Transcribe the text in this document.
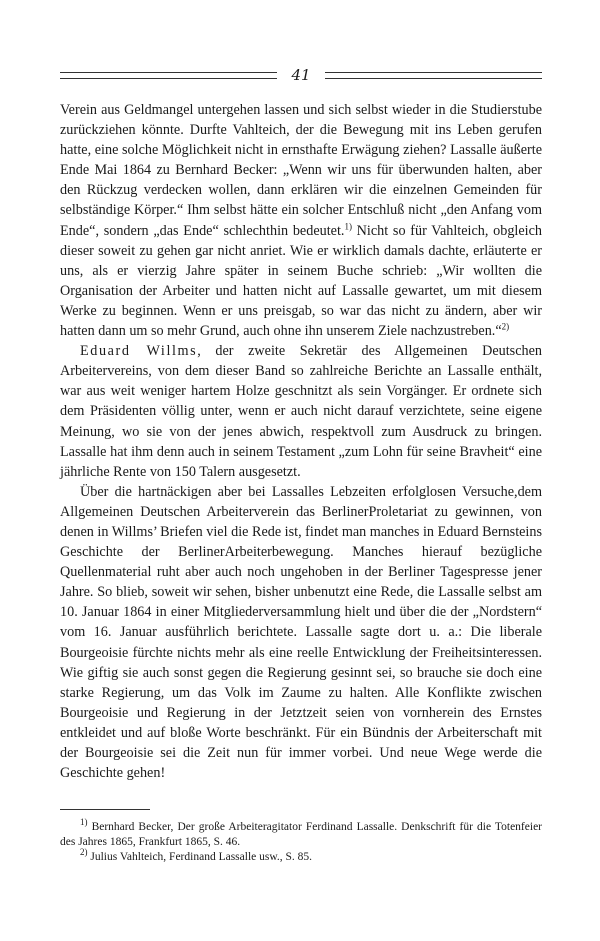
41

Verein aus Geldmangel untergehen lassen und sich selbst wieder in die Studierstube zurückziehen könnte. Durfte Vahlteich, der die Bewegung mit ins Leben gerufen hatte, eine solche Möglichkeit nicht in ernsthafte Erwägung ziehen? Lassalle äußerte Ende Mai 1864 zu Bernhard Becker: „Wenn wir uns für überwunden halten, aber den Rückzug verdecken wollen, dann erklären wir die einzelnen Gemeinden für selbständige Körper.“ Ihm selbst hätte ein solcher Entschluß nicht „den Anfang vom Ende“, sondern „das Ende“ schlechthin bedeutet.$^{1)}$ Nicht so für Vahlteich, obgleich dieser soweit zu gehen gar nicht anriet. Wie er wirklich damals dachte, erläuterte er uns, als er vierzig Jahre später in seinem Buche schrieb: „Wir wollten die Organisation der Arbeiter und hatten nicht auf Lassalle gewartet, um mit diesem Werke zu beginnen. Wenn er uns preisgab, so war das nicht zu ändern, aber wir hatten dann um so mehr Grund, auch ohne ihn unserem Ziele nachzustreben.“$^{2)}$

Eduard Willms, der zweite Sekretär des Allgemeinen Deutschen Arbeitervereins, von dem dieser Band so zahlreiche Berichte an Lassalle enthält, war aus weit weniger hartem Holze geschnitzt als sein Vorgänger. Er ordnete sich dem Präsidenten völlig unter, wenn er auch nicht darauf verzichtete, seine eigene Meinung, wo sie von der jenes abwich, respektvoll zum Ausdruck zu bringen. Lassalle hat ihm denn auch in seinem Testament „zum Lohn für seine Bravheit“ eine jährliche Rente von 150 Talern ausgesetzt.

Über die hartnäckigen aber bei Lassalles Lebzeiten erfolglosen Versuche,dem Allgemeinen Deutschen Arbeiterverein das BerlinerProletariat zu gewinnen, von denen in Willms’ Briefen viel die Rede ist, findet man manches in Eduard Bernsteins Geschichte der BerlinerArbeiterbewegung. Manches hierauf bezügliche Quellenmaterial ruht aber auch noch ungehoben in der Berliner Tagespresse jener Jahre. So blieb, soweit wir sehen, bisher unbenutzt eine Rede, die Lassalle selbst am 10. Januar 1864 in einer Mitgliederversammlung hielt und über die der „Nordstern“ vom 16. Januar ausführlich berichtete. Lassalle sagte dort u. a.: Die liberale Bourgeoisie fürchte nichts mehr als eine reelle Entwicklung der Freiheitsinteressen. Wie giftig sie auch sonst gegen die Regierung gesinnt sei, so brauche sie doch eine starke Regierung, um das Volk im Zaume zu halten. Alle Konflikte zwischen Bourgeoisie und Regierung in der Jetztzeit seien von vornherein des Ernstes entkleidet und auf bloße Worte beschränkt. Für ein Bündnis der Arbeiterschaft mit der Bourgeoisie sei die Zeit nun für immer vorbei. Und neue Wege werde die Geschichte gehen!

$^{1)}$ Bernhard Becker, Der große Arbeiteragitator Ferdinand Lassalle. Denkschrift für die Totenfeier des Jahres 1865, Frankfurt 1865, S. 46.

$^{2)}$ Julius Vahlteich, Ferdinand Lassalle usw., S. 85.
